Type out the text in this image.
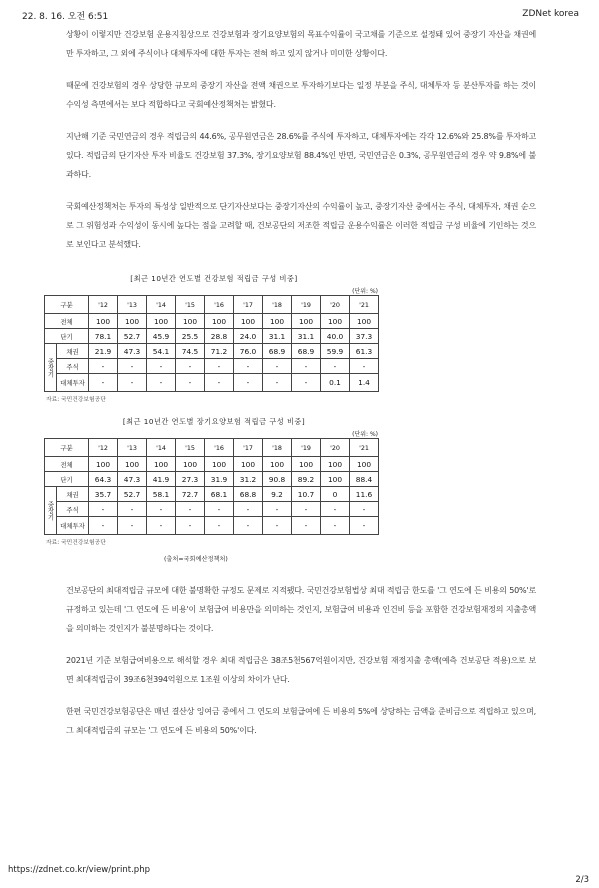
22. 8. 16. 오전 6:51	ZDNet korea

상황이 이렇지만 건강보험 운용지침상으로 건강보험과 장기요양보험의 목표수익률이 국고채를 기준으로 설정돼 있어 중장기 자산을 채권에만 투자하고, 그 외에 주식이나 대체투자에 대한 투자는 전혀 하고 있지 않거나 미미한 상황이다.

때문에 건강보험의 경우 상당한 규모의 중장기 자산을 전액 채권으로 투자하기보다는 일정 부분을 주식, 대체투자 등 분산투자를 하는 것이 수익성 측면에서는 보다 적합하다고 국회예산정책처는 밝혔다.

지난해 기준 국민연금의 경우 적립금의 44.6%, 공무원연금은 28.6%를 주식에 투자하고, 대체투자에는 각각 12.6%와 25.8%를 투자하고 있다. 적립금의 단기자산 투자 비율도 건강보험 37.3%, 장기요양보험 88.4%인 반면, 국민연금은 0.3%, 공무원연금의 경우 약 9.8%에 불과하다.

국회예산정책처는 투자의 특성상 일반적으로 단기자산보다는 중장기자산의 수익률이 높고, 중장기자산 중에서는 주식, 대체투자, 채권 순으로 그 위험성과 수익성이 동시에 높다는 점을 고려할 때, 건보공단의 저조한 적립금 운용수익률은 이러한 적립금 구성 비율에 기인하는 것으로 보인다고 분석했다.

[최근 10년간 연도별 건강보험 적립금 구성 비중]
(단위: %)
구분		'12	'13	'14	'15	'16	'17	'18	'19	'20	'21
전체		100	100	100	100	100	100	100	100	100	100
단기		78.1	52.7	45.9	25.5	28.8	24.0	31.1	31.1	40.0	37.3
중장기	채권	21.9	47.3	54.1	74.5	71.2	76.0	68.9	68.9	59.9	61.3
	주식	-	-	-	-	-	-	-	-	-	-
	대체투자	-	-	-	-	-	-	-	-	0.1	1.4
자료: 국민건강보험공단
[최근 10년간 연도별 장기요양보험 적립금 구성 비중]
(단위: %)
구분		'12	'13	'14	'15	'16	'17	'18	'19	'20	'21
전체		100	100	100	100	100	100	100	100	100	100
단기		64.3	47.3	41.9	27.3	31.9	31.2	90.8	89.2	100	88.4
중장기	채권	35.7	52.7	58.1	72.7	68.1	68.8	9.2	10.7	0	11.6
	주식	-	-	-	-	-	-	-	-	-	-
	대체투자	-	-	-	-	-	-	-	-	-	-
자료: 국민건강보험공단
(출처=국회예산정책처)

건보공단의 최대적립금 규모에 대한 불명확한 규정도 문제로 지적됐다. 국민건강보험법상 최대 적립금 한도를 '그 연도에 든 비용의 50%'로 규정하고 있는데 '그 연도에 든 비용'이 보험급여 비용만을 의미하는 것인지, 보험급여 비용과 인건비 등을 포함한 건강보험재정의 지출총액을 의미하는 것인지가 불분명하다는 것이다.

2021년 기준 보험급여비용으로 해석할 경우 최대 적립금은 38조5천567억원이지만, 건강보험 재정지출 총액(예측 건보공단 적용)으로 보면 최대적립금이 39조6천394억원으로 1조원 이상의 차이가 난다.

한편 국민건강보험공단은 매년 결산상 잉여금 중에서 그 연도의 보험급여에 든 비용의 5%에 상당하는 금액을 준비금으로 적립하고 있으며, 그 최대적립금의 규모는 '그 연도에 든 비용의 50%'이다.

https://zdnet.co.kr/view/print.php
2/3
